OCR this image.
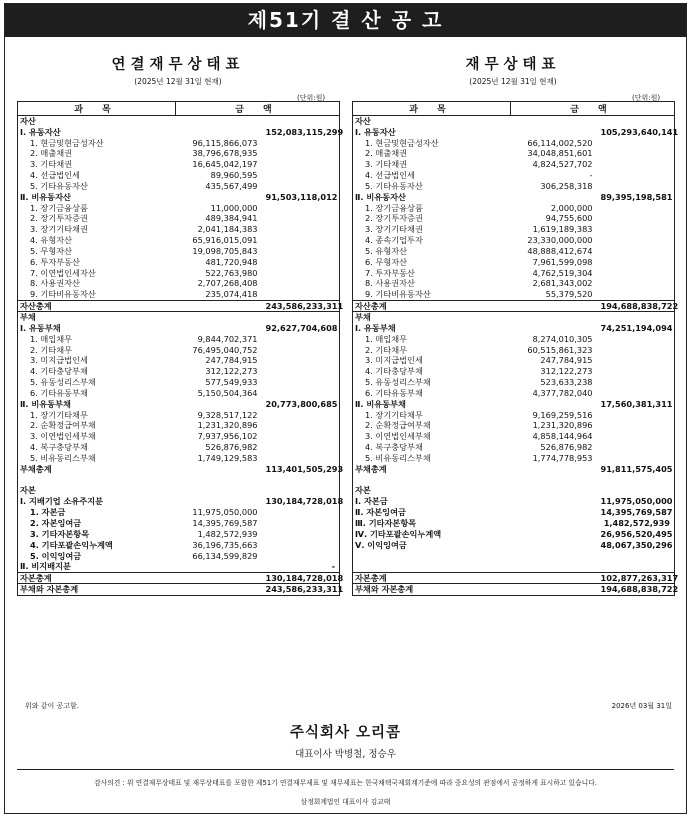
제51기 결 산 공 고
연결재무상태표
(2025년 12월 31일 현재)
(단위:원)
재무상태표
(2025년 12월 31일 현재)
(단위:원)
과 목	금 액	
자산		
Ⅰ. 유동자산		152,083,115,299
1. 현금및현금성자산	96,115,866,073	
2. 매출채권	38,796,678,935	
3. 기타채권	16,645,042,197	
4. 선급법인세	89,960,595	
5. 기타유동자산	435,567,499	
Ⅱ. 비유동자산		91,503,118,012
1. 장기금융상품	11,000,000	
2. 장기투자증권	489,384,941	
3. 장기기타채권	2,041,184,383	
4. 유형자산	65,916,015,091	
5. 무형자산	19,098,705,843	
6. 투자부동산	481,720,948	
7. 이연법인세자산	522,763,980	
8. 사용권자산	2,707,268,408	
9. 기타비유동자산	235,074,418	
자산총계		243,586,233,311
부채		
Ⅰ. 유동부채		92,627,704,608
1. 매입채무	9,844,702,371	
2. 기타채무	76,495,040,752	
3. 미지급법인세	247,784,915	
4. 기타충당부채	312,122,273	
5. 유동성리스부채	577,549,933	
6. 기타유동부채	5,150,504,364	
Ⅱ. 비유동부채		20,773,800,685
1. 장기기타채무	9,328,517,122	
2. 순확정급여부채	1,231,320,896	
3. 이연법인세부채	7,937,956,102	
4. 복구충당부채	526,876,982	
5. 비유동리스부채	1,749,129,583	
부채총계		113,401,505,293

자본		
Ⅰ. 지배기업 소유주지분		130,184,728,018
1. 자본금	11,975,050,000	
2. 자본잉여금	14,395,769,587	
3. 기타자본항목	1,482,572,939	
4. 기타포괄손익누계액	36,196,735,663	
5. 이익잉여금	66,134,599,829	
Ⅱ. 비지배지분		-
자본총계		130,184,728,018
부채와 자본총계		243,586,233,311
과 목	금 액	
자산		
Ⅰ. 유동자산		105,293,640,141
1. 현금및현금성자산	66,114,002,520	
2. 매출채권	34,048,851,601	
3. 기타채권	4,824,527,702	
4. 선급법인세	-	
5. 기타유동자산	306,258,318	
Ⅱ. 비유동자산		89,395,198,581
1. 장기금융상품	2,000,000	
2. 장기투자증권	94,755,600	
3. 장기기타채권	1,619,189,383	
4. 종속기업투자	23,330,000,000	
5. 유형자산	48,888,412,674	
6. 무형자산	7,961,599,098	
7. 투자부동산	4,762,519,304	
8. 사용권자산	2,681,343,002	
9. 기타비유동자산	55,379,520	
자산총계		194,688,838,722
부채		
Ⅰ. 유동부채		74,251,194,094
1. 매입채무	8,274,010,305	
2. 기타채무	60,515,861,323	
3. 미지급법인세	247,784,915	
4. 기타충당부채	312,122,273	
5. 유동성리스부채	523,633,238	
6. 기타유동부채	4,377,782,040	
Ⅱ. 비유동부채		17,560,381,311
1. 장기기타채무	9,169,259,516	
2. 순확정급여부채	1,231,320,896	
3. 이연법인세부채	4,858,144,964	
4. 복구충당부채	526,876,982	
5. 비유동리스부채	1,774,778,953	
부채총계		91,811,575,405

자본		
Ⅰ. 자본금		11,975,050,000
Ⅱ. 자본잉여금		14,395,769,587
Ⅲ. 기타자본항목		1,482,572,939
Ⅳ. 기타포괄손익누계액		26,956,520,495
Ⅴ. 이익잉여금		48,067,350,296

자본총계		102,877,263,317
부채와 자본총계		194,688,838,722
위와 같이 공고함.	2026년 03월 31일
주식회사 오리콤
대표이사 박병철, 정승우
감사의견 : 위 연결재무상태표 및 재무상태표를 포함한 제51기 연결재무제표 및 재무제표는 한국채택국제회계기준에 따라 중요성의 관점에서 공정하게 표시하고 있습니다.
삼정회계법인 대표이사 김교태
